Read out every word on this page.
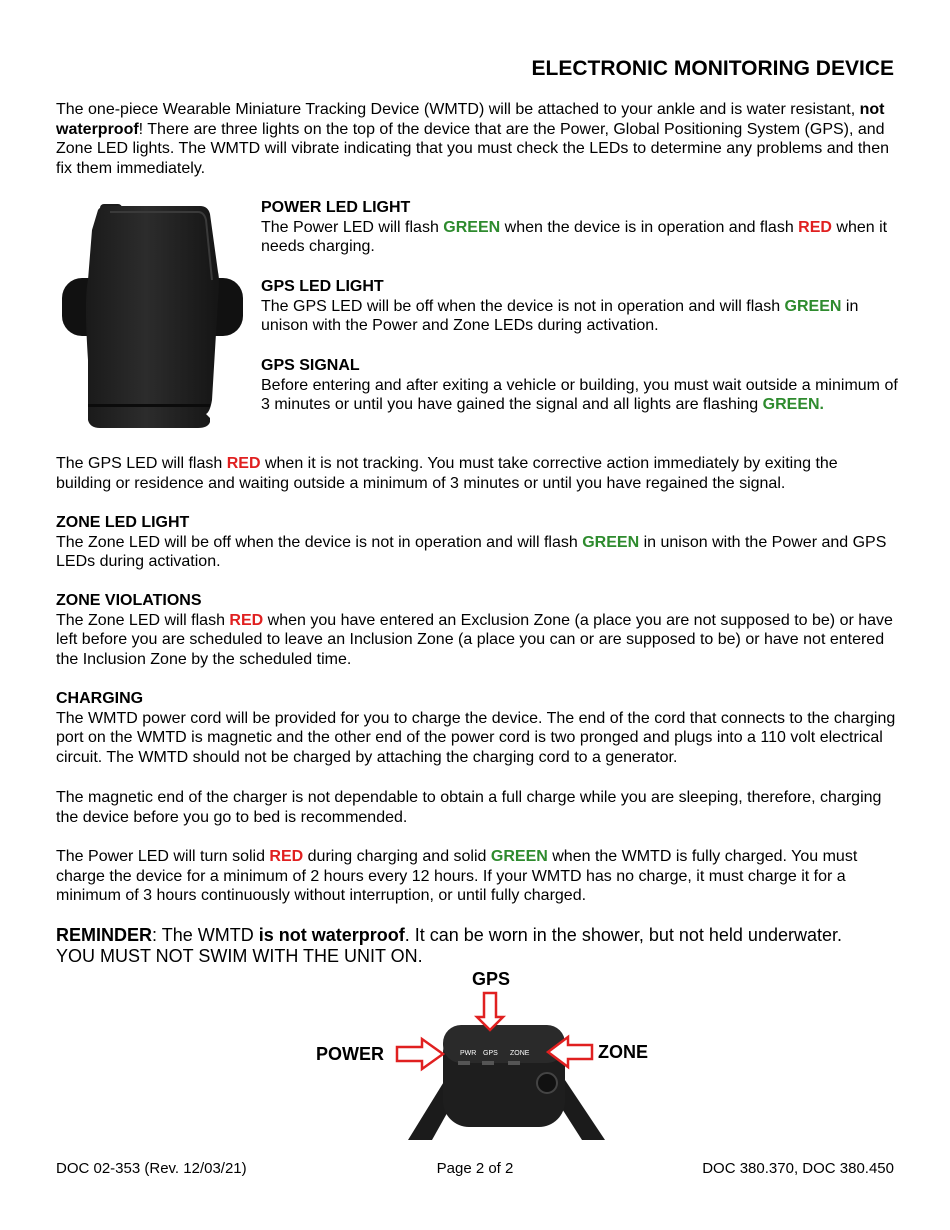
ELECTRONIC MONITORING DEVICE

The one-piece Wearable Miniature Tracking Device (WMTD) will be attached to your ankle and is water resistant, not waterproof! There are three lights on the top of the device that are the Power, Global Positioning System (GPS), and Zone LED lights. The WMTD will vibrate indicating that you must check the LEDs to determine any problems and then fix them immediately.

POWER LED LIGHT

The Power LED will flash GREEN when the device is in operation and flash RED when it needs charging.

GPS LED LIGHT

The GPS LED will be off when the device is not in operation and will flash GREEN in unison with the Power and Zone LEDs during activation.

GPS SIGNAL

Before entering and after exiting a vehicle or building, you must wait outside a minimum of 3 minutes or until you have gained the signal and all lights are flashing GREEN.

The GPS LED will flash RED when it is not tracking. You must take corrective action immediately by exiting the building or residence and waiting outside a minimum of 3 minutes or until you have regained the signal.

ZONE LED LIGHT

The Zone LED will be off when the device is not in operation and will flash GREEN in unison with the Power and GPS LEDs during activation.

ZONE VIOLATIONS

The Zone LED will flash RED when you have entered an Exclusion Zone (a place you are not supposed to be) or have left before you are scheduled to leave an Inclusion Zone (a place you can or are supposed to be) or have not entered the Inclusion Zone by the scheduled time.

CHARGING

The WMTD power cord will be provided for you to charge the device. The end of the cord that connects to the charging port on the WMTD is magnetic and the other end of the power cord is two pronged and plugs into a 110 volt electrical circuit. The WMTD should not be charged by attaching the charging cord to a generator.

The magnetic end of the charger is not dependable to obtain a full charge while you are sleeping, therefore, charging the device before you go to bed is recommended.

The Power LED will turn solid RED during charging and solid GREEN when the WMTD is fully charged. You must charge the device for a minimum of 2 hours every 12 hours. If your WMTD has no charge, it must charge it for a minimum of 3 hours continuously without interruption, or until fully charged.

REMINDER: The WMTD is not waterproof. It can be worn in the shower, but not held underwater.

YOU MUST NOT SWIM WITH THE UNIT ON.

PWR GPS ZONE
GPS
POWER	ZONE
DOC 02-353 (Rev. 12/03/21)	Page 2 of 2	DOC 380.370, DOC 380.450
